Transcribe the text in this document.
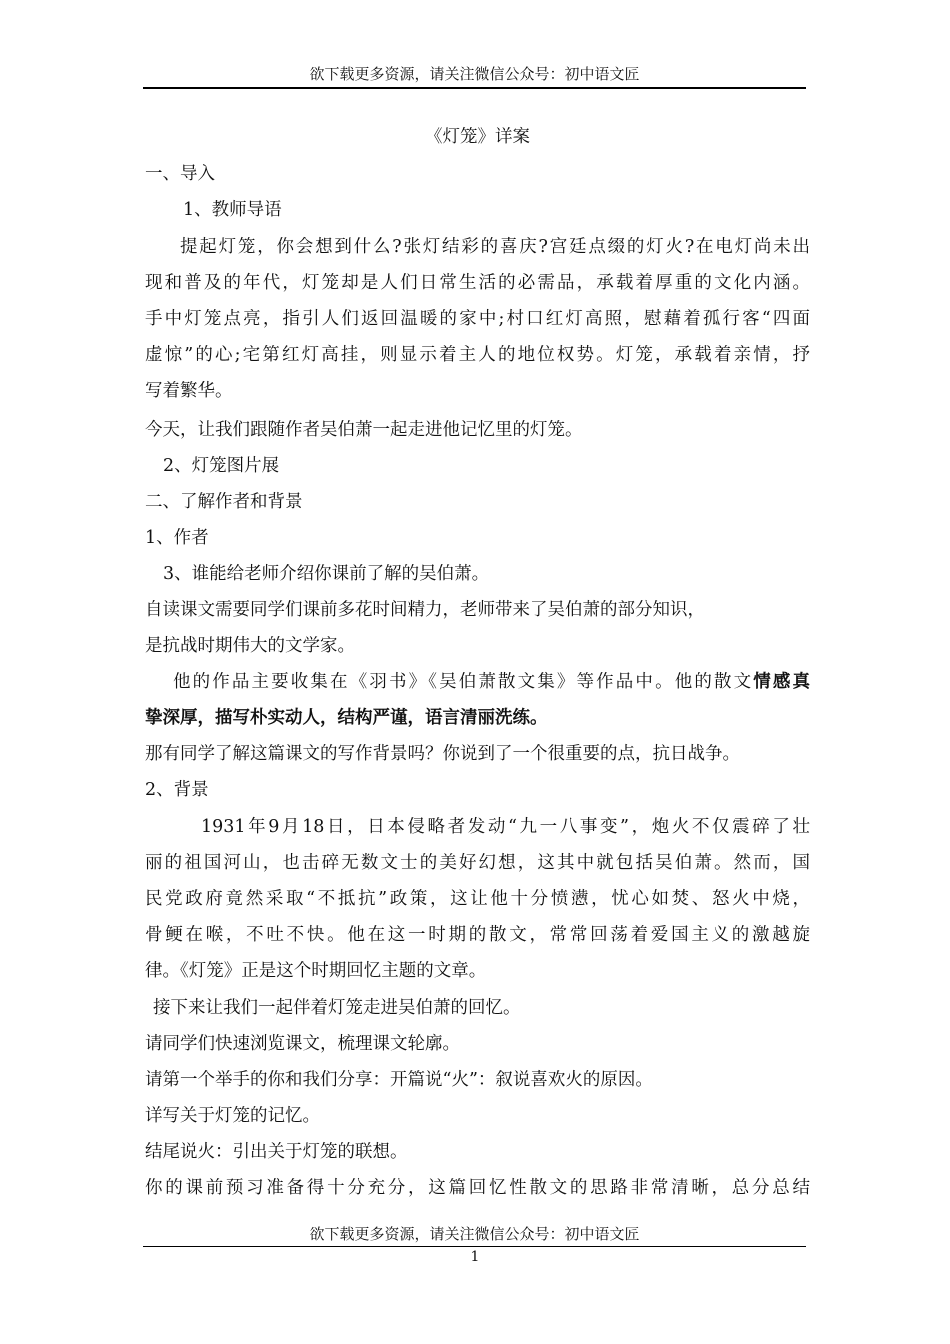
欲下载更多资源，请关注微信公众号：初中语文匠
《灯笼》详案
一、导入
1、教师导语
提起灯笼，你会想到什么?张灯结彩的喜庆?宫廷点缀的灯火?在电灯尚未出
现和普及的年代，灯笼却是人们日常生活的必需品，承载着厚重的文化内涵。
手中灯笼点亮，指引人们返回温暖的家中;村口红灯高照，慰藉着孤行客“四面
虚惊”的心;宅第红灯高挂，则显示着主人的地位权势。灯笼，承载着亲情，抒
写着繁华。
今天，让我们跟随作者吴伯萧一起走进他记忆里的灯笼。
2、灯笼图片展
二、了解作者和背景
1、作者
3、谁能给老师介绍你课前了解的吴伯萧。
自读课文需要同学们课前多花时间精力，老师带来了吴伯萧的部分知识，
是抗战时期伟大的文学家。
他的作品主要收集在《羽书》《吴伯萧散文集》等作品中。他的散文情感真
挚深厚，描写朴实动人，结构严谨，语言清丽洗练。
那有同学了解这篇课文的写作背景吗？你说到了一个很重要的点，抗日战争。
2、背景
1931年9月18日，日本侵略者发动“九一八事变”，炮火不仅震碎了壮
丽的祖国河山，也击碎无数文士的美好幻想，这其中就包括吴伯萧。然而，国
民党政府竟然采取“不抵抗”政策，这让他十分愤懑，忧心如焚、怒火中烧，
骨鲠在喉，不吐不快。他在这一时期的散文，常常回荡着爱国主义的激越旋
律。《灯笼》正是这个时期回忆主题的文章。
接下来让我们一起伴着灯笼走进吴伯萧的回忆。
请同学们快速浏览课文，梳理课文轮廓。
请第一个举手的你和我们分享：开篇说“火”：叙说喜欢火的原因。
详写关于灯笼的记忆。
结尾说火：引出关于灯笼的联想。
你的课前预习准备得十分充分，这篇回忆性散文的思路非常清晰，总分总结
欲下载更多资源，请关注微信公众号：初中语文匠
1
